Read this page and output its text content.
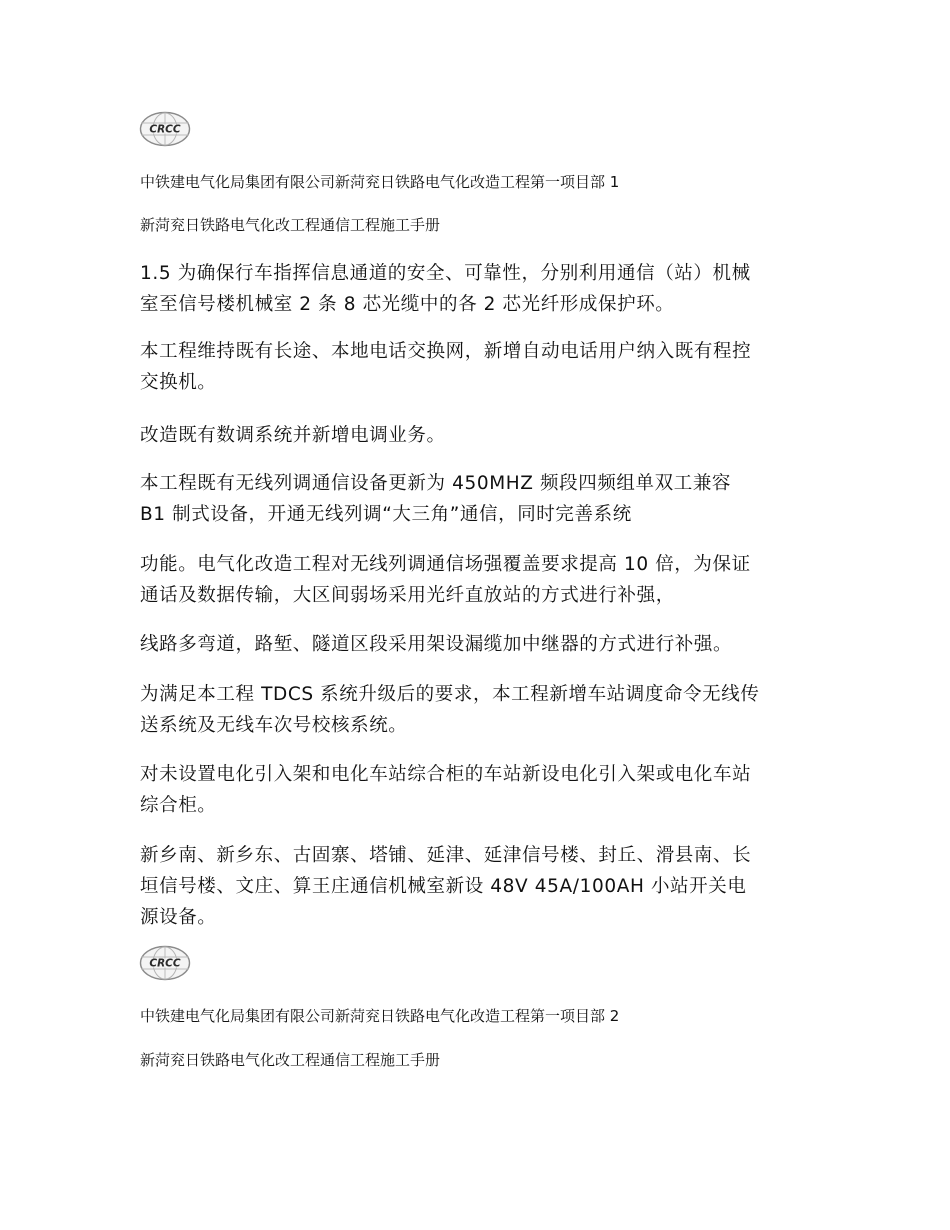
CRCC
中铁建电气化局集团有限公司新菏兖日铁路电气化改造工程第一项目部 1
新菏兖日铁路电气化改工程通信工程施工手册
1.5 为确保行车指挥信息通道的安全、可靠性，分别利用通信（站）机械
室至信号楼机械室 2 条 8 芯光缆中的各 2 芯光纤形成保护环。
本工程维持既有长途、本地电话交换网，新增自动电话用户纳入既有程控
交换机。
改造既有数调系统并新增电调业务。
本工程既有无线列调通信设备更新为 450MHZ 频段四频组单双工兼容
B1 制式设备，开通无线列调“大三角”通信，同时完善系统
功能。电气化改造工程对无线列调通信场强覆盖要求提高 10 倍，为保证
通话及数据传输，大区间弱场采用光纤直放站的方式进行补强，
线路多弯道，路堑、隧道区段采用架设漏缆加中继器的方式进行补强。
为满足本工程 TDCS 系统升级后的要求，本工程新增车站调度命令无线传
送系统及无线车次号校核系统。
对未设置电化引入架和电化车站综合柜的车站新设电化引入架或电化车站
综合柜。
新乡南、新乡东、古固寨、塔铺、延津、延津信号楼、封丘、滑县南、长
垣信号楼、文庄、算王庄通信机械室新设 48V 45A/100AH 小站开关电
源设备。
CRCC
中铁建电气化局集团有限公司新菏兖日铁路电气化改造工程第一项目部 2
新菏兖日铁路电气化改工程通信工程施工手册
